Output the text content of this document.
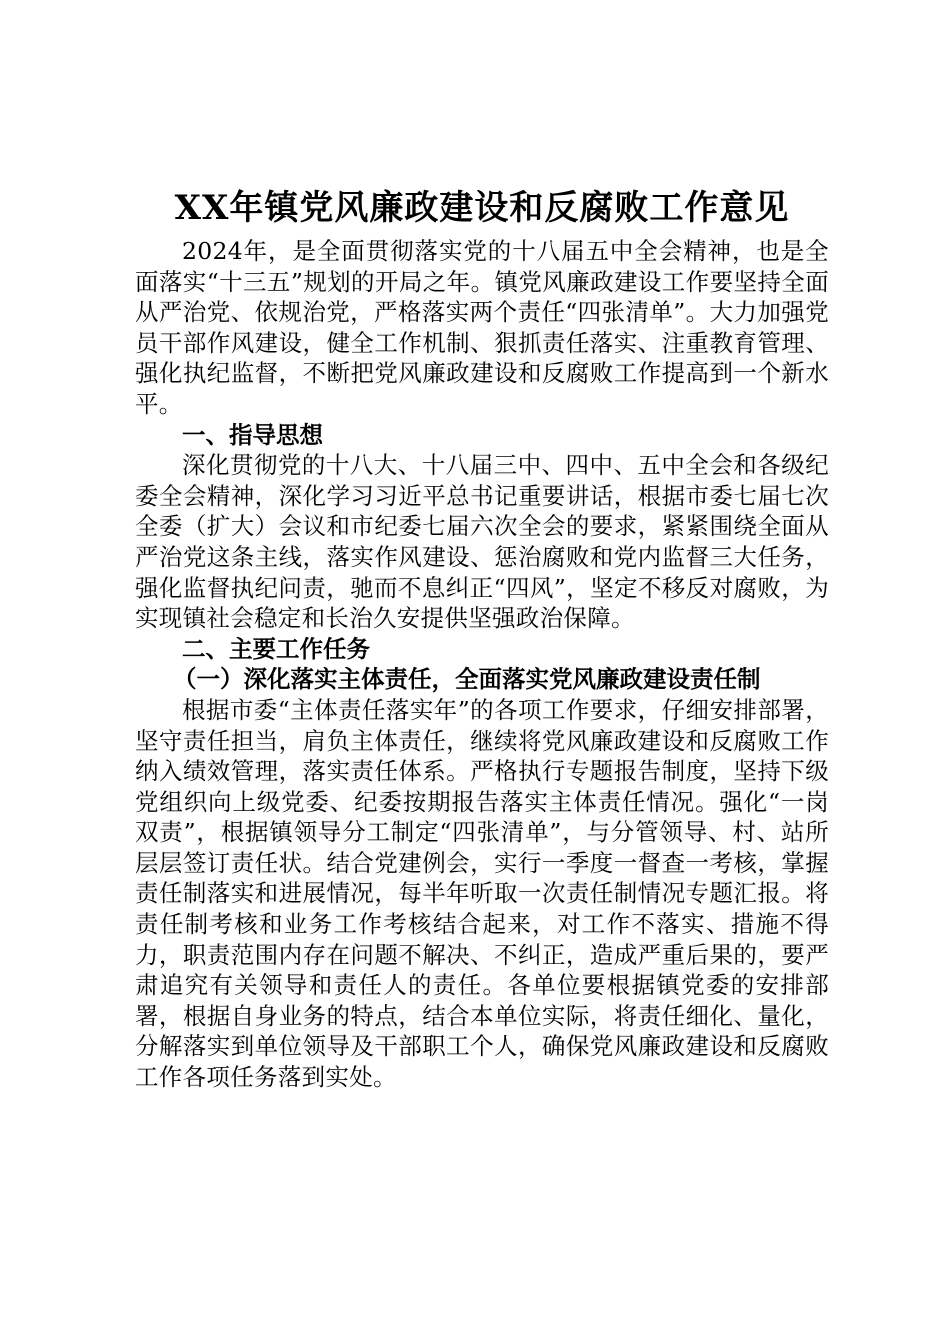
XX年镇党风廉政建设和反腐败工作意见

2024年，是全面贯彻落实党的十八届五中全会精神，也是全面落实“十三五”规划的开局之年。镇党风廉政建设工作要坚持全面从严治党、依规治党，严格落实两个责任“四张清单”。大力加强党员干部作风建设，健全工作机制、狠抓责任落实、注重教育管理、强化执纪监督，不断把党风廉政建设和反腐败工作提高到一个新水平。

一、指导思想

深化贯彻党的十八大、十八届三中、四中、五中全会和各级纪委全会精神，深化学习习近平总书记重要讲话，根据市委七届七次全委（扩大）会议和市纪委七届六次全会的要求，紧紧围绕全面从严治党这条主线，落实作风建设、惩治腐败和党内监督三大任务，强化监督执纪问责，驰而不息纠正“四风”，坚定不移反对腐败，为实现镇社会稳定和长治久安提供坚强政治保障。

二、主要工作任务

（一）深化落实主体责任，全面落实党风廉政建设责任制

根据市委“主体责任落实年”的各项工作要求，仔细安排部署，坚守责任担当，肩负主体责任，继续将党风廉政建设和反腐败工作纳入绩效管理，落实责任体系。严格执行专题报告制度，坚持下级党组织向上级党委、纪委按期报告落实主体责任情况。强化“一岗双责”，根据镇领导分工制定“四张清单”，与分管领导、村、站所层层签订责任状。结合党建例会，实行一季度一督查一考核，掌握责任制落实和进展情况，每半年听取一次责任制情况专题汇报。将责任制考核和业务工作考核结合起来，对工作不落实、措施不得力，职责范围内存在问题不解决、不纠正，造成严重后果的，要严肃追究有关领导和责任人的责任。各单位要根据镇党委的安排部署，根据自身业务的特点，结合本单位实际，将责任细化、量化，分解落实到单位领导及干部职工个人，确保党风廉政建设和反腐败工作各项任务落到实处。
